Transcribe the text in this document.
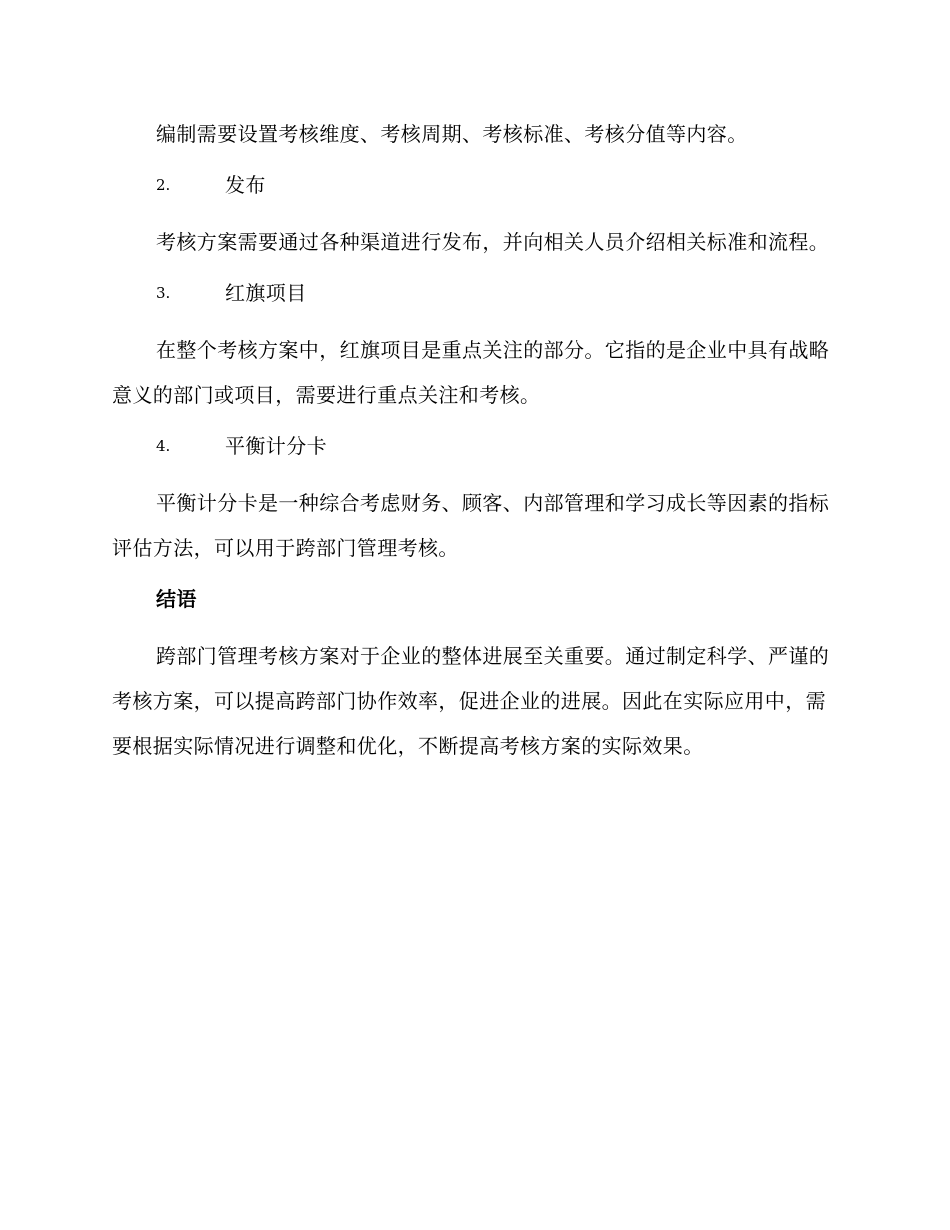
编制需要设置考核维度、考核周期、考核标准、考核分值等内容。

2.	发布

考核方案需要通过各种渠道进行发布，并向相关人员介绍相关标准和流程。

3.	红旗项目

在整个考核方案中，红旗项目是重点关注的部分。它指的是企业中具有战略意义的部门或项目，需要进行重点关注和考核。

4.	平衡计分卡

平衡计分卡是一种综合考虑财务、顾客、内部管理和学习成长等因素的指标评估方法，可以用于跨部门管理考核。

结语

跨部门管理考核方案对于企业的整体进展至关重要。通过制定科学、严谨的考核方案，可以提高跨部门协作效率，促进企业的进展。因此在实际应用中，需要根据实际情况进行调整和优化，不断提高考核方案的实际效果。
